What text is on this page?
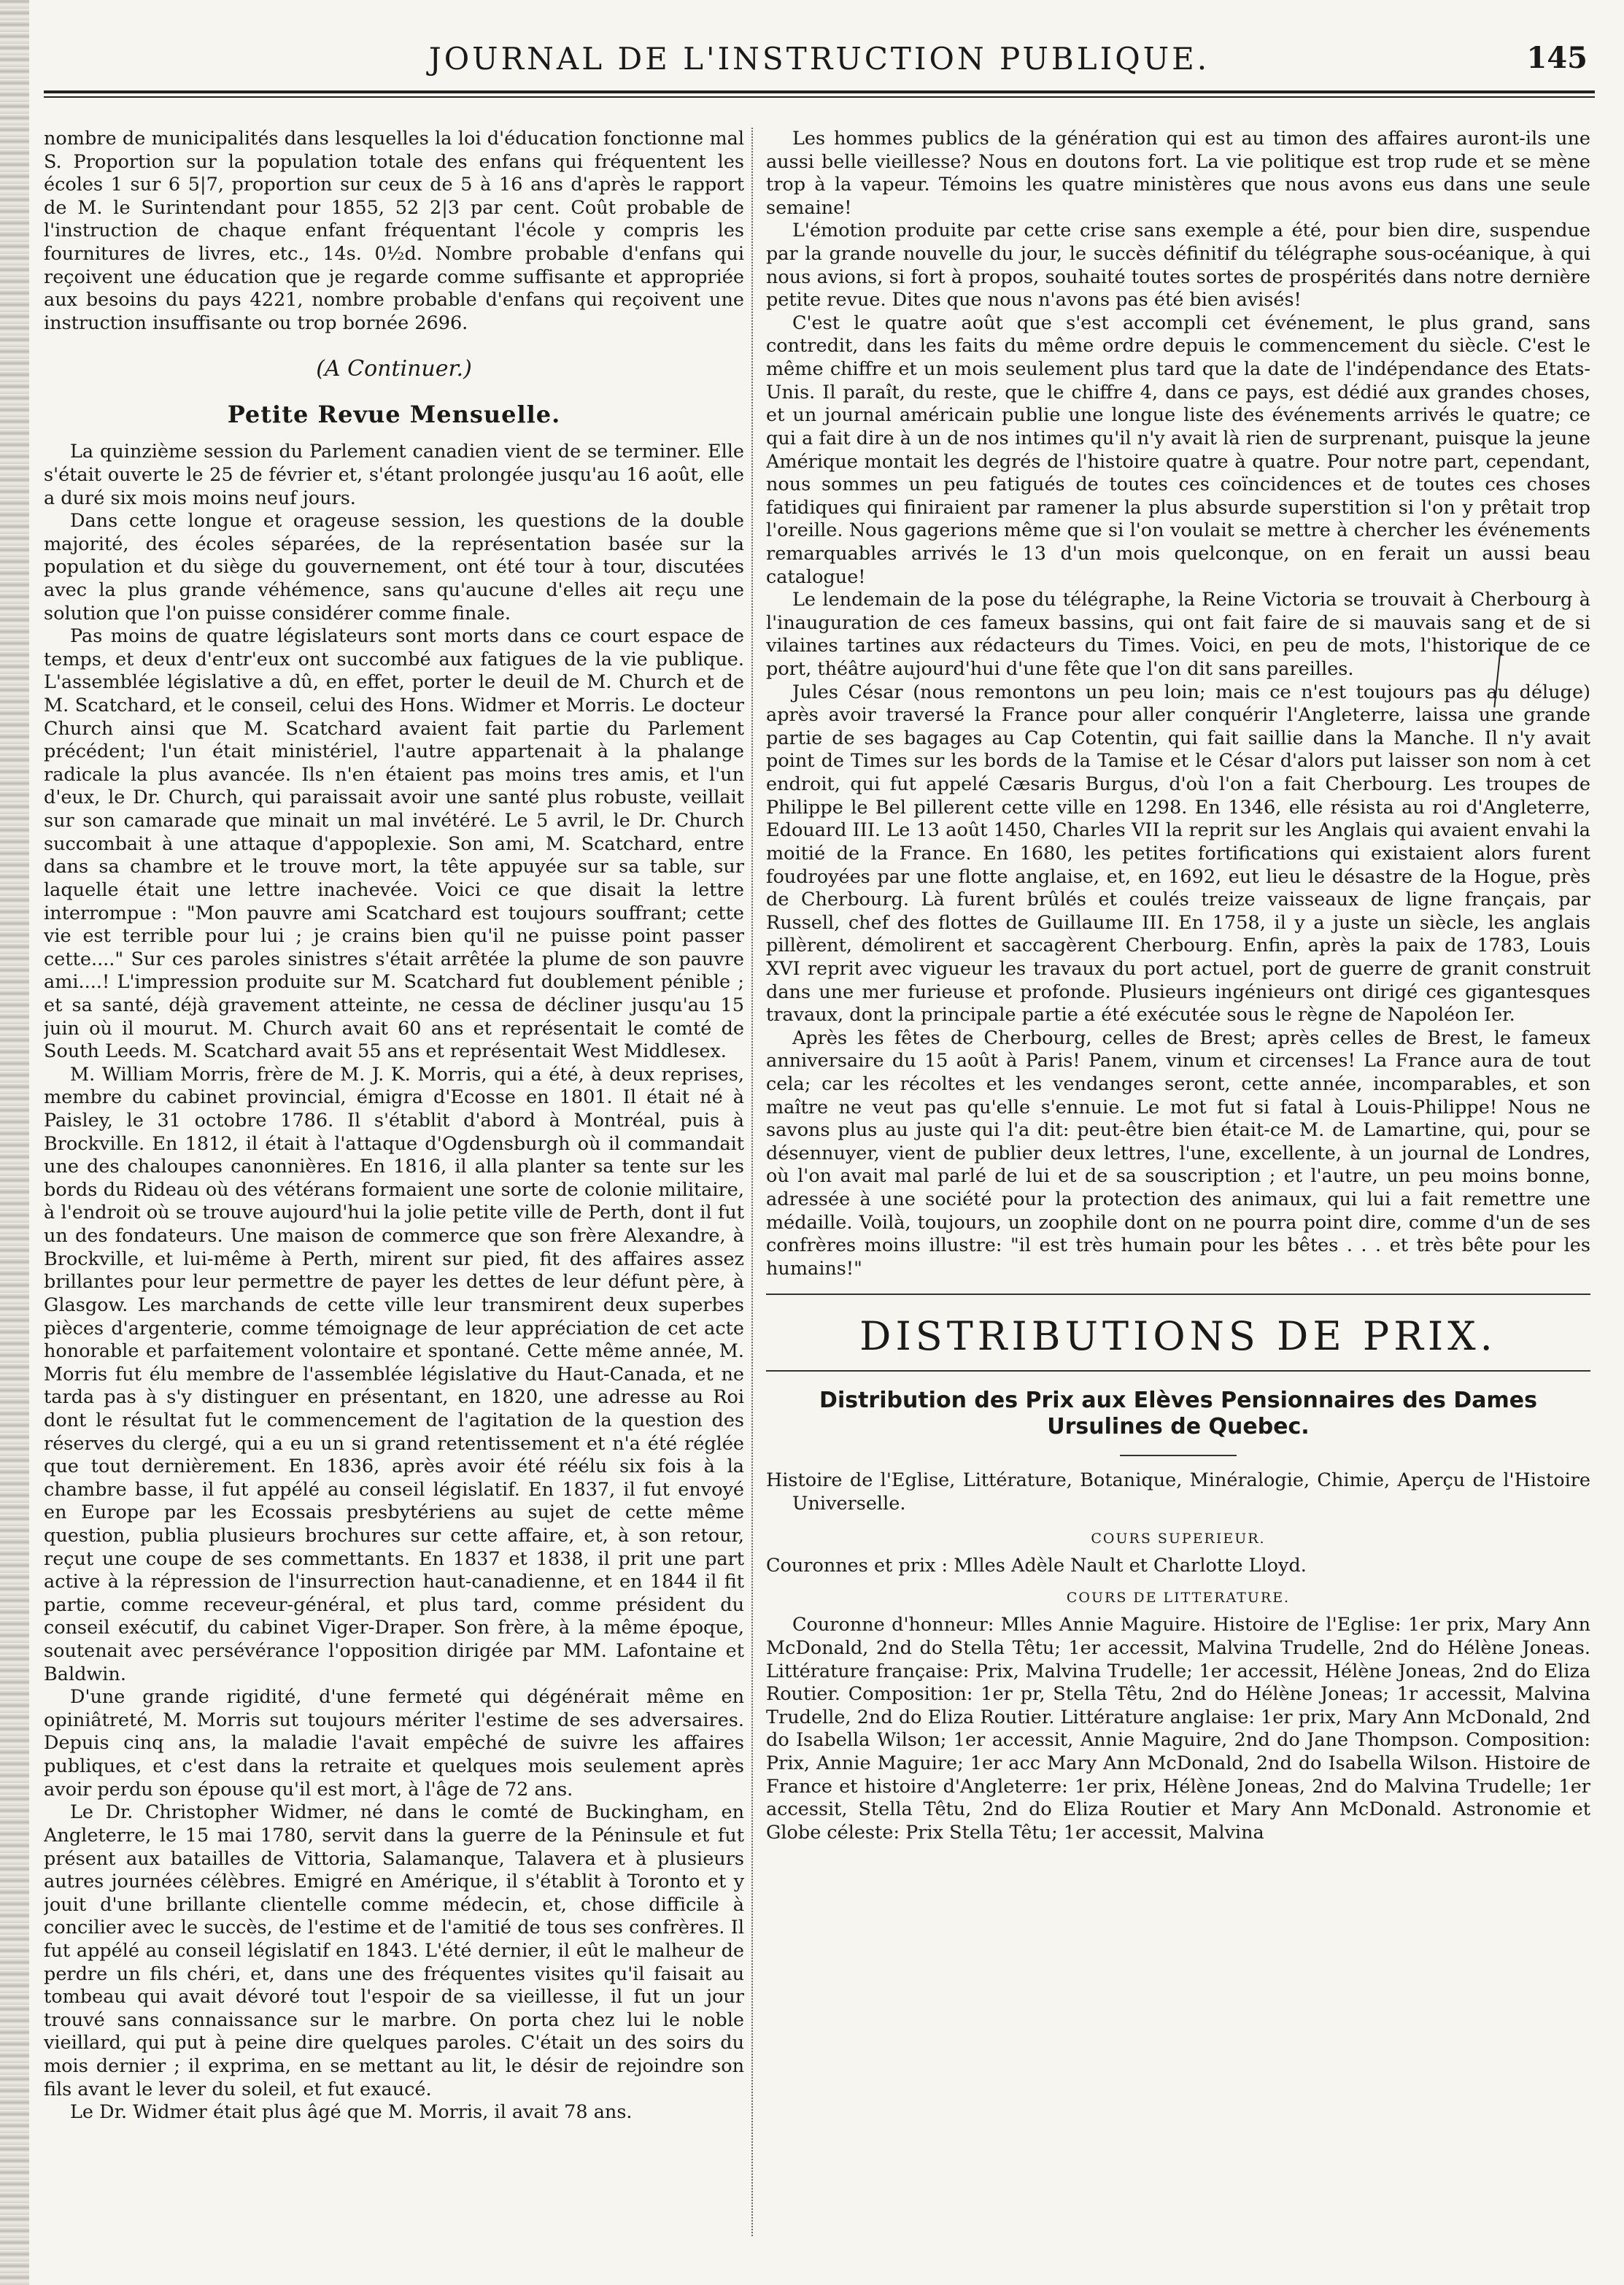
JOURNAL DE L'INSTRUCTION PUBLIQUE.	145

nombre de municipalités dans lesquelles la loi d'éducation fonctionne mal S. Proportion sur la population totale des enfans qui fréquentent les écoles 1 sur 6 5|7, proportion sur ceux de 5 à 16 ans d'après le rapport de M. le Surintendant pour 1855, 52 2|3 par cent. Coût probable de l'instruction de chaque enfant fréquentant l'école y compris les fournitures de livres, etc., 14s. 0½d. Nombre probable d'enfans qui reçoivent une éducation que je regarde comme suffisante et appropriée aux besoins du pays 4221, nombre probable d'enfans qui reçoivent une instruction insuffisante ou trop bornée 2696.

(A Continuer.)
Petite Revue Mensuelle.

La quinzième session du Parlement canadien vient de se terminer. Elle s'était ouverte le 25 de février et, s'étant prolongée jusqu'au 16 août, elle a duré six mois moins neuf jours.

Dans cette longue et orageuse session, les questions de la double majorité, des écoles séparées, de la représentation basée sur la population et du siège du gouvernement, ont été tour à tour, discutées avec la plus grande véhémence, sans qu'aucune d'elles ait reçu une solution que l'on puisse considérer comme finale.

Pas moins de quatre législateurs sont morts dans ce court espace de temps, et deux d'entr'eux ont succombé aux fatigues de la vie publique. L'assemblée législative a dû, en effet, porter le deuil de M. Church et de M. Scatchard, et le conseil, celui des Hons. Widmer et Morris. Le docteur Church ainsi que M. Scatchard avaient fait partie du Parlement précédent; l'un était ministériel, l'autre appartenait à la phalange radicale la plus avancée. Ils n'en étaient pas moins tres amis, et l'un d'eux, le Dr. Church, qui paraissait avoir une santé plus robuste, veillait sur son camarade que minait un mal invétéré. Le 5 avril, le Dr. Church succombait à une attaque d'appoplexie. Son ami, M. Scatchard, entre dans sa chambre et le trouve mort, la tête appuyée sur sa table, sur laquelle était une lettre inachevée. Voici ce que disait la lettre interrompue : "Mon pauvre ami Scatchard est toujours souffrant; cette vie est terrible pour lui ; je crains bien qu'il ne puisse point passer cette...." Sur ces paroles sinistres s'était arrêtée la plume de son pauvre ami....! L'impression produite sur M. Scatchard fut doublement pénible ; et sa santé, déjà gravement atteinte, ne cessa de décliner jusqu'au 15 juin où il mourut. M. Church avait 60 ans et représentait le comté de South Leeds. M. Scatchard avait 55 ans et représentait West Middlesex.

M. William Morris, frère de M. J. K. Morris, qui a été, à deux reprises, membre du cabinet provincial, émigra d'Ecosse en 1801. Il était né à Paisley, le 31 octobre 1786. Il s'établit d'abord à Montréal, puis à Brockville. En 1812, il était à l'attaque d'Ogdensburgh où il commandait une des chaloupes canonnières. En 1816, il alla planter sa tente sur les bords du Rideau où des vétérans formaient une sorte de colonie militaire, à l'endroit où se trouve aujourd'hui la jolie petite ville de Perth, dont il fut un des fondateurs. Une maison de commerce que son frère Alexandre, à Brockville, et lui-même à Perth, mirent sur pied, fit des affaires assez brillantes pour leur permettre de payer les dettes de leur défunt père, à Glasgow. Les marchands de cette ville leur transmirent deux superbes pièces d'argenterie, comme témoignage de leur appréciation de cet acte honorable et parfaitement volontaire et spontané. Cette même année, M. Morris fut élu membre de l'assemblée législative du Haut-Canada, et ne tarda pas à s'y distinguer en présentant, en 1820, une adresse au Roi dont le résultat fut le commencement de l'agitation de la question des réserves du clergé, qui a eu un si grand retentissement et n'a été réglée que tout dernièrement. En 1836, après avoir été réélu six fois à la chambre basse, il fut appélé au conseil législatif. En 1837, il fut envoyé en Europe par les Ecossais presbytériens au sujet de cette même question, publia plusieurs brochures sur cette affaire, et, à son retour, reçut une coupe de ses commettants. En 1837 et 1838, il prit une part active à la répression de l'insurrection haut-canadienne, et en 1844 il fit partie, comme receveur-général, et plus tard, comme président du conseil exécutif, du cabinet Viger-Draper. Son frère, à la même époque, soutenait avec persévérance l'opposition dirigée par MM. Lafontaine et Baldwin.

D'une grande rigidité, d'une fermeté qui dégénérait même en opiniâtreté, M. Morris sut toujours mériter l'estime de ses adversaires. Depuis cinq ans, la maladie l'avait empêché de suivre les affaires publiques, et c'est dans la retraite et quelques mois seulement après avoir perdu son épouse qu'il est mort, à l'âge de 72 ans.

Le Dr. Christopher Widmer, né dans le comté de Buckingham, en Angleterre, le 15 mai 1780, servit dans la guerre de la Péninsule et fut présent aux batailles de Vittoria, Salamanque, Talavera et à plusieurs autres journées célèbres. Emigré en Amérique, il s'établit à Toronto et y jouit d'une brillante clientelle comme médecin, et, chose difficile à concilier avec le succès, de l'estime et de l'amitié de tous ses confrères. Il fut appélé au conseil législatif en 1843. L'été dernier, il eût le malheur de perdre un fils chéri, et, dans une des fréquentes visites qu'il faisait au tombeau qui avait dévoré tout l'espoir de sa vieillesse, il fut un jour trouvé sans connaissance sur le marbre. On porta chez lui le noble vieillard, qui put à peine dire quelques paroles. C'était un des soirs du mois dernier ; il exprima, en se mettant au lit, le désir de rejoindre son fils avant le lever du soleil, et fut exaucé.

Le Dr. Widmer était plus âgé que M. Morris, il avait 78 ans.

Les hommes publics de la génération qui est au timon des affaires auront-ils une aussi belle vieillesse? Nous en doutons fort. La vie politique est trop rude et se mène trop à la vapeur. Témoins les quatre ministères que nous avons eus dans une seule semaine!

L'émotion produite par cette crise sans exemple a été, pour bien dire, suspendue par la grande nouvelle du jour, le succès définitif du télégraphe sous-océanique, à qui nous avions, si fort à propos, souhaité toutes sortes de prospérités dans notre dernière petite revue. Dites que nous n'avons pas été bien avisés!

C'est le quatre août que s'est accompli cet événement, le plus grand, sans contredit, dans les faits du même ordre depuis le commencement du siècle. C'est le même chiffre et un mois seulement plus tard que la date de l'indépendance des Etats-Unis. Il paraît, du reste, que le chiffre 4, dans ce pays, est dédié aux grandes choses, et un journal américain publie une longue liste des événements arrivés le quatre; ce qui a fait dire à un de nos intimes qu'il n'y avait là rien de surprenant, puisque la jeune Amérique montait les degrés de l'histoire quatre à quatre. Pour notre part, cependant, nous sommes un peu fatigués de toutes ces coïncidences et de toutes ces choses fatidiques qui finiraient par ramener la plus absurde superstition si l'on y prêtait trop l'oreille. Nous gagerions même que si l'on voulait se mettre à chercher les événements remarquables arrivés le 13 d'un mois quelconque, on en ferait un aussi beau catalogue!

Le lendemain de la pose du télégraphe, la Reine Victoria se trouvait à Cherbourg à l'inauguration de ces fameux bassins, qui ont fait faire de si mauvais sang et de si vilaines tartines aux rédacteurs du Times. Voici, en peu de mots, l'historique de ce port, théâtre aujourd'hui d'une fête que l'on dit sans pareilles.

Jules César (nous remontons un peu loin; mais ce n'est toujours pas au déluge) après avoir traversé la France pour aller conquérir l'Angleterre, laissa une grande partie de ses bagages au Cap Cotentin, qui fait saillie dans la Manche. Il n'y avait point de Times sur les bords de la Tamise et le César d'alors put laisser son nom à cet endroit, qui fut appelé Cæsaris Burgus, d'où l'on a fait Cherbourg. Les troupes de Philippe le Bel pillerent cette ville en 1298. En 1346, elle résista au roi d'Angleterre, Edouard III. Le 13 août 1450, Charles VII la reprit sur les Anglais qui avaient envahi la moitié de la France. En 1680, les petites fortifications qui existaient alors furent foudroyées par une flotte anglaise, et, en 1692, eut lieu le désastre de la Hogue, près de Cherbourg. Là furent brûlés et coulés treize vaisseaux de ligne français, par Russell, chef des flottes de Guillaume III. En 1758, il y a juste un siècle, les anglais pillèrent, démolirent et saccagèrent Cherbourg. Enfin, après la paix de 1783, Louis XVI reprit avec vigueur les travaux du port actuel, port de guerre de granit construit dans une mer furieuse et profonde. Plusieurs ingénieurs ont dirigé ces gigantesques travaux, dont la principale partie a été exécutée sous le règne de Napoléon Ier.

Après les fêtes de Cherbourg, celles de Brest; après celles de Brest, le fameux anniversaire du 15 août à Paris! Panem, vinum et circenses! La France aura de tout cela; car les récoltes et les vendanges seront, cette année, incomparables, et son maître ne veut pas qu'elle s'ennuie. Le mot fut si fatal à Louis-Philippe! Nous ne savons plus au juste qui l'a dit: peut-être bien était-ce M. de Lamartine, qui, pour se désennuyer, vient de publier deux lettres, l'une, excellente, à un journal de Londres, où l'on avait mal parlé de lui et de sa souscription ; et l'autre, un peu moins bonne, adressée à une société pour la protection des animaux, qui lui a fait remettre une médaille. Voilà, toujours, un zoophile dont on ne pourra point dire, comme d'un de ses confrères moins illustre: "il est très humain pour les bêtes . . . et très bête pour les humains!"

DISTRIBUTIONS DE PRIX.
Distribution des Prix aux Elèves Pensionnaires des Dames Ursulines de Quebec.

Histoire de l'Eglise, Littérature, Botanique, Minéralogie, Chimie, Aperçu de l'Histoire Universelle.

COURS SUPERIEUR.

Couronnes et prix : Mlles Adèle Nault et Charlotte Lloyd.

COURS DE LITTERATURE.

Couronne d'honneur: Mlles Annie Maguire. Histoire de l'Eglise: 1er prix, Mary Ann McDonald, 2nd do Stella Têtu; 1er accessit, Malvina Trudelle, 2nd do Hélène Joneas. Littérature française: Prix, Malvina Trudelle; 1er accessit, Hélène Joneas, 2nd do Eliza Routier. Composition: 1er pr, Stella Têtu, 2nd do Hélène Joneas; 1r accessit, Malvina Trudelle, 2nd do Eliza Routier. Littérature anglaise: 1er prix, Mary Ann McDonald, 2nd do Isabella Wilson; 1er accessit, Annie Maguire, 2nd do Jane Thompson. Composition: Prix, Annie Maguire; 1er acc Mary Ann McDonald, 2nd do Isabella Wilson. Histoire de France et histoire d'Angleterre: 1er prix, Hélène Joneas, 2nd do Malvina Trudelle; 1er accessit, Stella Têtu, 2nd do Eliza Routier et Mary Ann McDonald. Astronomie et Globe céleste: Prix Stella Têtu; 1er accessit, Malvina
